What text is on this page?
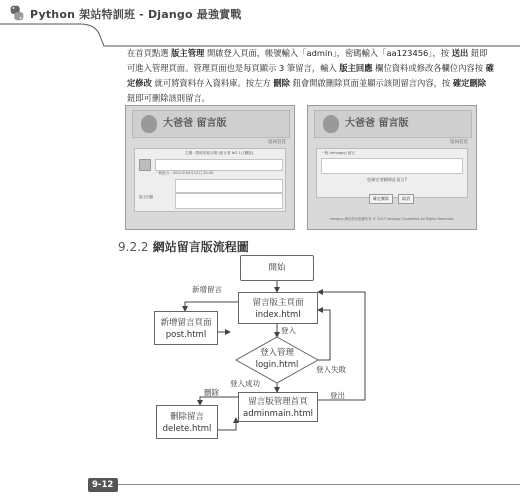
Python 架站特訓班 - Django 最強實戰
在首頁點選 版主管理 開啟登入頁面，帳號輸入「admin」，密碼輸入「aa123456」，按 送出 鈕即可進入管理頁面。管理頁面也是每頁顯示 3 筆留言，輸入 版主回應 欄位資料或修改各欄位內容按 確定修改 就可將資料存入資料庫。按左方 刪除 鈕會開啟刪除頁面並顯示該則留言內容，按 確定刪除 鈕即可刪除該則留言。
大爸爸 留言版
返回首頁
主題 : 問候的留言喔 (留言者 NO 1) [刪除]
一般留言 : 2021年09月10日 20:30
版主回應
大爸爸 留言版
返回首頁
一般 (mhappy) 留言
您確定要刪除此留言?
確定刪除	取消
mhappy 網站設計版權所有 © 2017 mhappy CrossMind All Rights Reserved.
9.2.2 網站留言版流程圖
開始
留言版主頁面
index.html
新增留言頁面
post.html
登入管理
login.html
留言版管理首頁
adminmain.html
刪除留言
delete.html
新增留言
登入
登入失敗
登入成功
刪除	登出
9-12
